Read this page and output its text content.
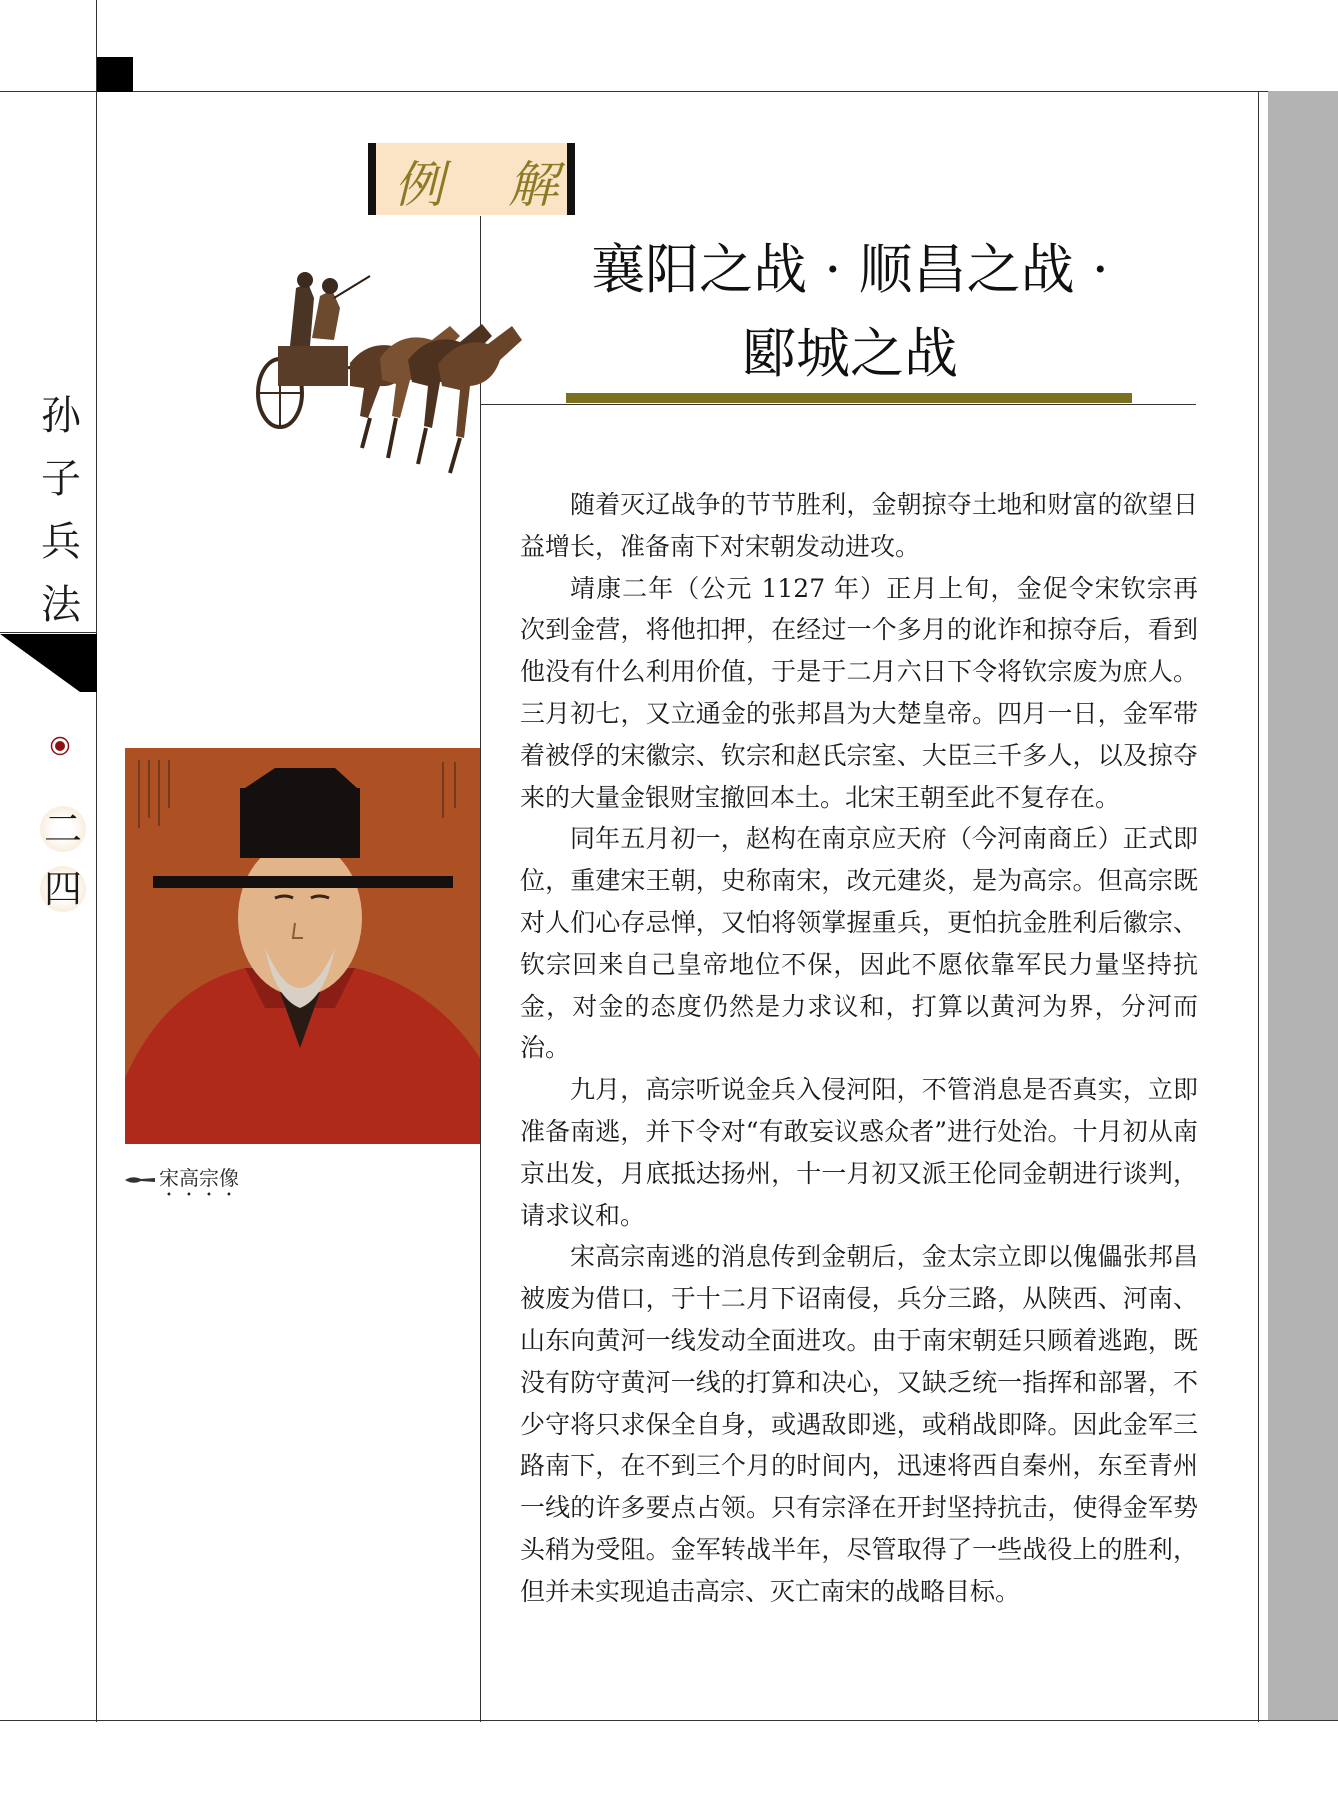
孙
子
兵
法
二
四
例 解
襄阳之战 · 顺昌之战 ·
郾城之战
宋高宗像

随着灭辽战争的节节胜利，金朝掠夺土地和财富的欲望日益增长，准备南下对宋朝发动进攻。

靖康二年（公元 1127 年）正月上旬，金促令宋钦宗再次到金营，将他扣押，在经过一个多月的讹诈和掠夺后，看到他没有什么利用价值，于是于二月六日下令将钦宗废为庶人。三月初七，又立通金的张邦昌为大楚皇帝。四月一日，金军带着被俘的宋徽宗、钦宗和赵氏宗室、大臣三千多人，以及掠夺来的大量金银财宝撤回本土。北宋王朝至此不复存在。

同年五月初一，赵构在南京应天府（今河南商丘）正式即位，重建宋王朝，史称南宋，改元建炎，是为高宗。但高宗既对人们心存忌惮，又怕将领掌握重兵，更怕抗金胜利后徽宗、钦宗回来自己皇帝地位不保，因此不愿依靠军民力量坚持抗金，对金的态度仍然是力求议和，打算以黄河为界，分河而治。

九月，高宗听说金兵入侵河阳，不管消息是否真实，立即准备南逃，并下令对“有敢妄议惑众者”进行处治。十月初从南京出发，月底抵达扬州，十一月初又派王伦同金朝进行谈判，请求议和。

宋高宗南逃的消息传到金朝后，金太宗立即以傀儡张邦昌被废为借口，于十二月下诏南侵，兵分三路，从陕西、河南、山东向黄河一线发动全面进攻。由于南宋朝廷只顾着逃跑，既没有防守黄河一线的打算和决心，又缺乏统一指挥和部署，不少守将只求保全自身，或遇敌即逃，或稍战即降。因此金军三路南下，在不到三个月的时间内，迅速将西自秦州，东至青州一线的许多要点占领。只有宗泽在开封坚持抗击，使得金军势头稍为受阻。金军转战半年，尽管取得了一些战役上的胜利，但并未实现追击高宗、灭亡南宋的战略目标。
